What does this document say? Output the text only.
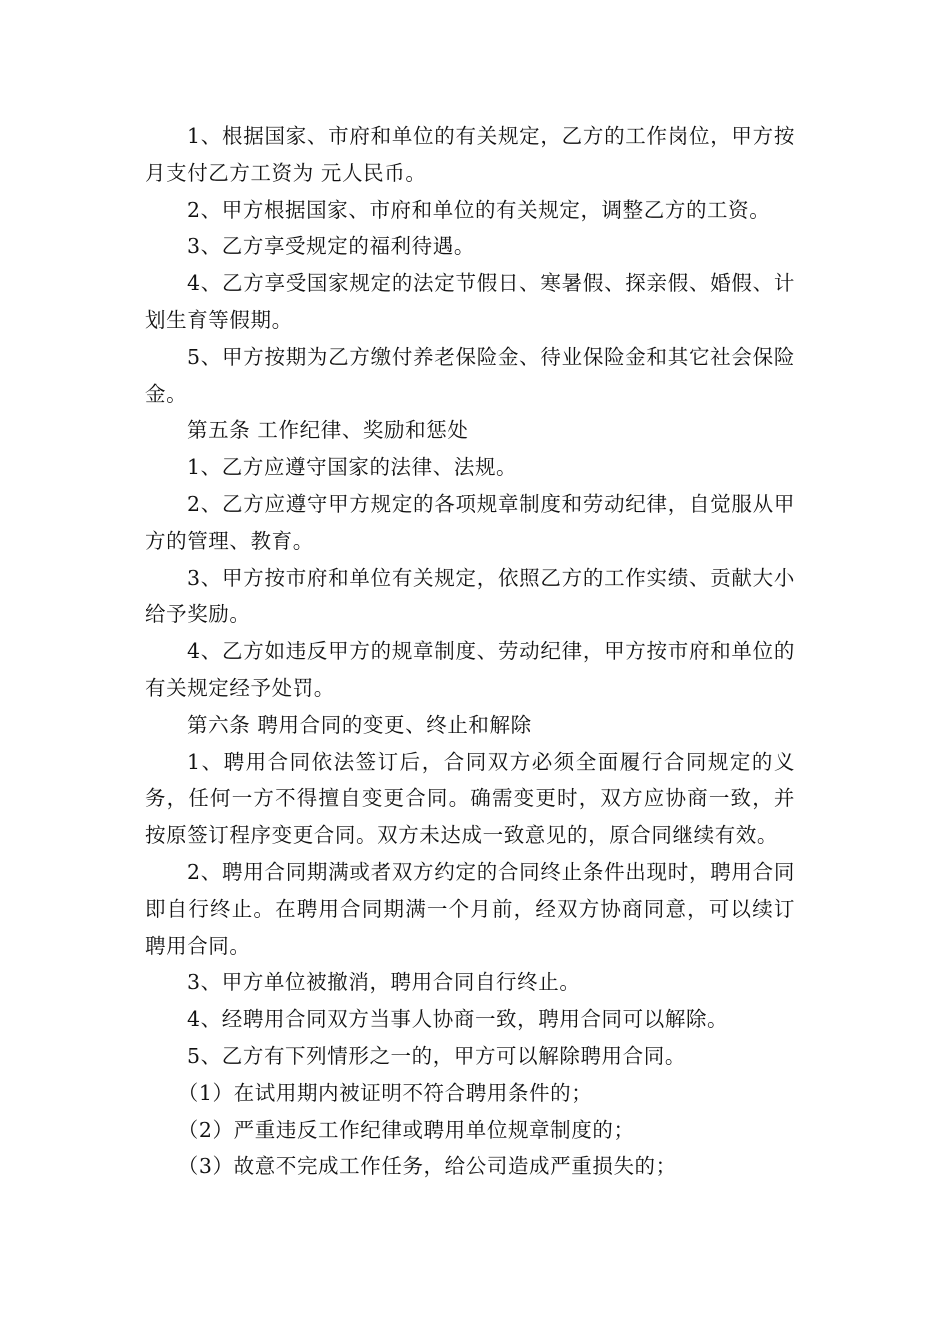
1、根据国家、市府和单位的有关规定，乙方的工作岗位，甲方按月支付乙方工资为 元人民币。

2、甲方根据国家、市府和单位的有关规定，调整乙方的工资。

3、乙方享受规定的福利待遇。

4、乙方享受国家规定的法定节假日、寒暑假、探亲假、婚假、计划生育等假期。

5、甲方按期为乙方缴付养老保险金、待业保险金和其它社会保险金。

第五条 工作纪律、奖励和惩处

1、乙方应遵守国家的法律、法规。

2、乙方应遵守甲方规定的各项规章制度和劳动纪律，自觉服从甲方的管理、教育。

3、甲方按市府和单位有关规定，依照乙方的工作实绩、贡献大小给予奖励。

4、乙方如违反甲方的规章制度、劳动纪律，甲方按市府和单位的有关规定经予处罚。

第六条 聘用合同的变更、终止和解除

1、聘用合同依法签订后，合同双方必须全面履行合同规定的义务，任何一方不得擅自变更合同。确需变更时，双方应协商一致，并按原签订程序变更合同。双方未达成一致意见的，原合同继续有效。

2、聘用合同期满或者双方约定的合同终止条件出现时，聘用合同即自行终止。在聘用合同期满一个月前，经双方协商同意，可以续订聘用合同。

3、甲方单位被撤消，聘用合同自行终止。

4、经聘用合同双方当事人协商一致，聘用合同可以解除。

5、乙方有下列情形之一的，甲方可以解除聘用合同。

（1）在试用期内被证明不符合聘用条件的；

（2）严重违反工作纪律或聘用单位规章制度的；

（3）故意不完成工作任务，给公司造成严重损失的；
